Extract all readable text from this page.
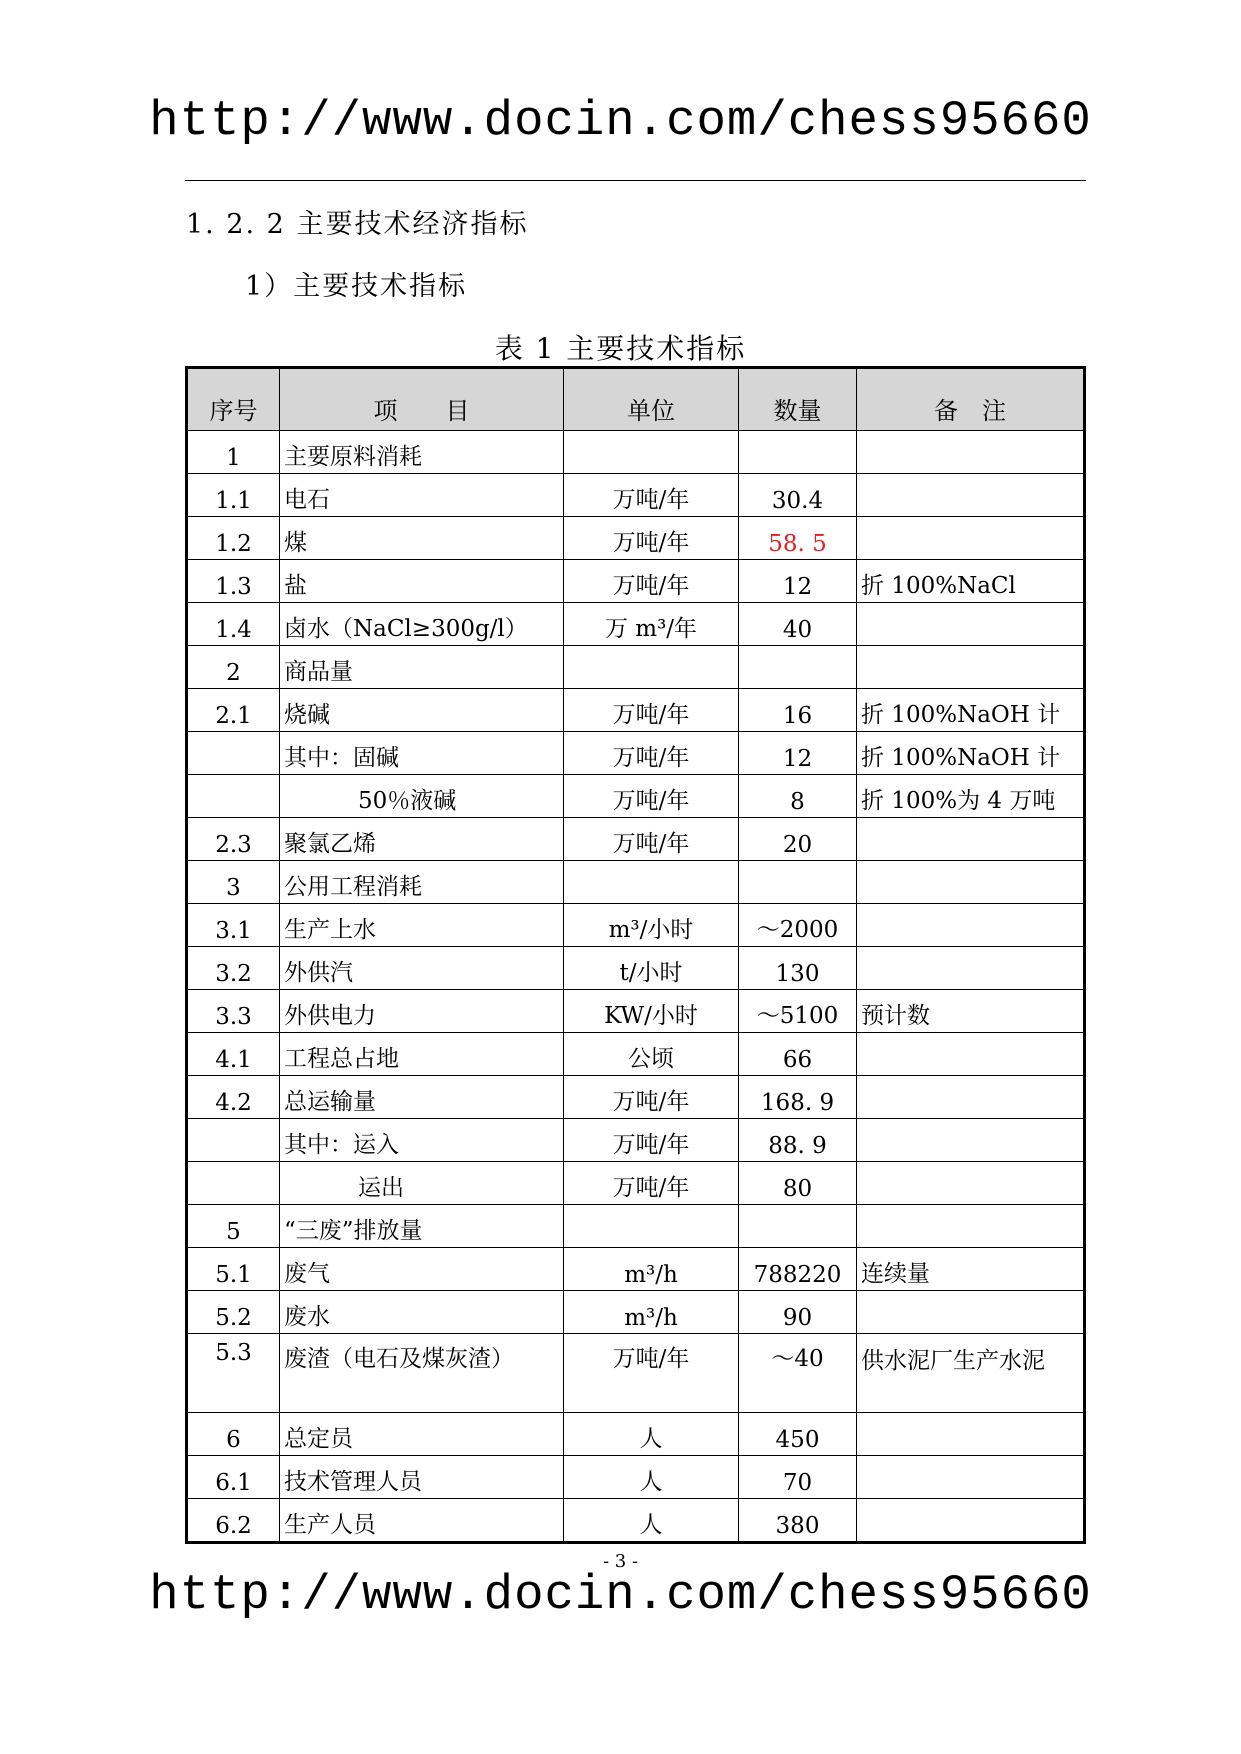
http://www.docin.com/chess95660
1. 2. 2 主要技术经济指标
1）主要技术指标
表 1 主要技术指标
序号	项　　目	单位	数量	备　注
1	主要原料消耗			
1.1	电石	万吨/年	30.4	
1.2	煤	万吨/年	58. 5	
1.3	盐	万吨/年	12	折 100%NaCl
1.4	卤水（NaCl≥300g/l）	万 m³/年	40	
2	商品量			
2.1	烧碱	万吨/年	16	折 100%NaOH 计
	其中：固碱	万吨/年	12	折 100%NaOH 计
	50％液碱	万吨/年	8	折 100%为 4 万吨
2.3	聚氯乙烯	万吨/年	20	
3	公用工程消耗			
3.1	生产上水	m³/小时	～2000	
3.2	外供汽	t/小时	130	
3.3	外供电力	KW/小时	～5100	预计数
4.1	工程总占地	公顷	66	
4.2	总运输量	万吨/年	168. 9	
	其中：运入	万吨/年	88. 9	
	运出	万吨/年	80	
5	“三废”排放量			
5.1	废气	m³/h	788220	连续量
5.2	废水	m³/h	90	
5.3	废渣（电石及煤灰渣）	万吨/年	～40	供水泥厂生产水泥
6	总定员	人	450	
6.1	技术管理人员	人	70	
6.2	生产人员	人	380	
- 3 -
http://www.docin.com/chess95660
